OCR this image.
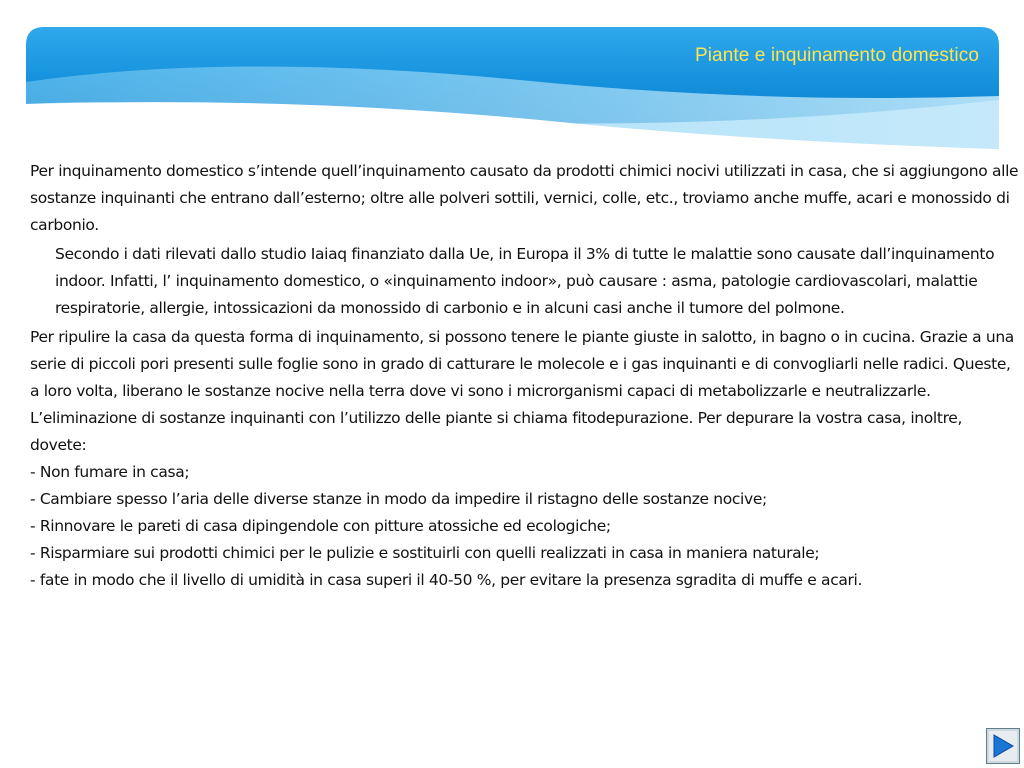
Piante e inquinamento domestico

Per inquinamento domestico s’intende quell’inquinamento causato da prodotti chimici nocivi utilizzati in casa, che si aggiungono alle sostanze inquinanti che entrano dall’esterno; oltre alle polveri sottili, vernici, colle, etc., troviamo anche muffe, acari e monossido di carbonio.

Secondo i dati rilevati dallo studio Iaiaq finanziato dalla Ue, in Europa il 3% di tutte le malattie sono causate dall’inquinamento indoor. Infatti, l’ inquinamento domestico, o «inquinamento indoor», può causare : asma, patologie cardiovascolari, malattie respiratorie, allergie, intossicazioni da monossido di carbonio e in alcuni casi anche il tumore del polmone.

Per ripulire la casa da questa forma di inquinamento, si possono tenere le piante giuste in salotto, in bagno o in cucina. Grazie a una serie di piccoli pori presenti sulle foglie sono in grado di catturare le molecole e i gas inquinanti e di convogliarli nelle radici. Queste, a loro volta, liberano le sostanze nocive nella terra dove vi sono i microrganismi capaci di metabolizzarle e neutralizzarle. L’eliminazione di sostanze inquinanti con l’utilizzo delle piante si chiama fitodepurazione. Per depurare la vostra casa, inoltre, dovete:

- Non fumare in casa;

- Cambiare spesso l’aria delle diverse stanze in modo da impedire il ristagno delle sostanze nocive;

- Rinnovare le pareti di casa dipingendole con pitture atossiche ed ecologiche;

- Risparmiare sui prodotti chimici per le pulizie e sostituirli con quelli realizzati in casa in maniera naturale;

- fate in modo che il livello di umidità in casa superi il 40-50 %, per evitare la presenza sgradita di muffe e acari.
